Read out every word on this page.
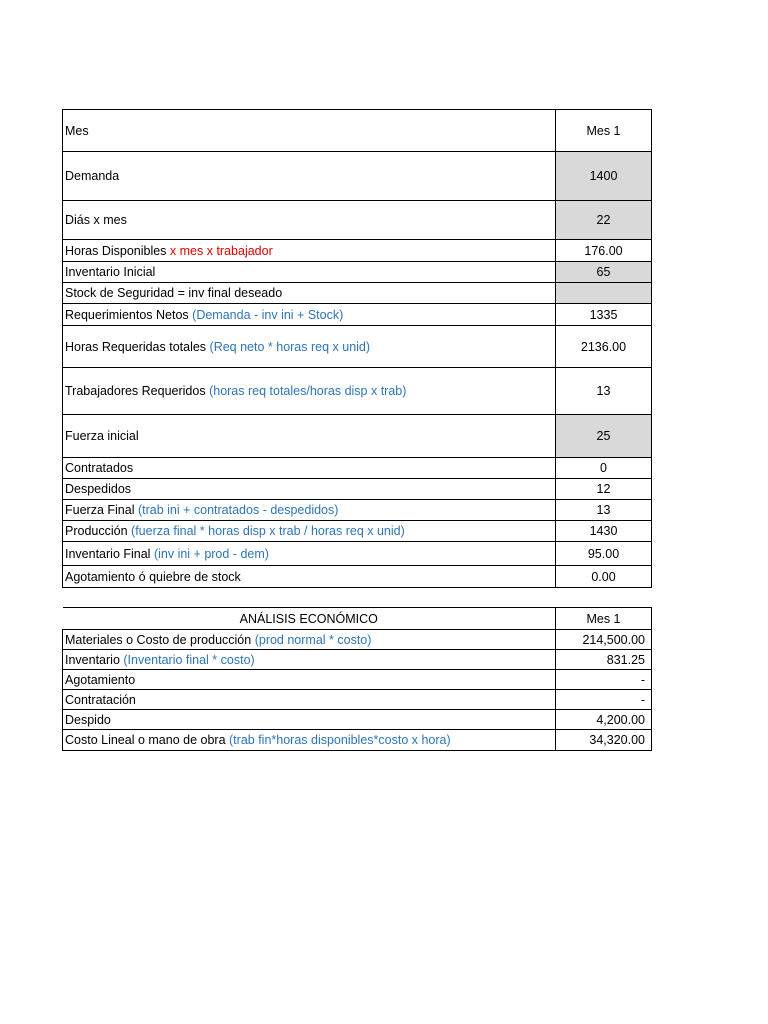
Mes	Mes 1
Demanda	1400
Diás x mes	22
Horas Disponibles x mes x trabajador	176.00
Inventario Inicial	65
Stock de Seguridad = inv final deseado	
Requerimientos Netos (Demanda - inv ini + Stock)	1335
Horas Requeridas totales (Req neto * horas req x unid)	2136.00
Trabajadores Requeridos (horas req totales/horas disp x trab)	13
Fuerza inicial	25
Contratados	0
Despedidos	12
Fuerza Final (trab ini + contratados - despedidos)	13
Producción (fuerza final * horas disp x trab / horas req x unid)	1430
Inventario Final (inv ini + prod - dem)	95.00
Agotamiento ó quiebre de stock	0.00
ANÁLISIS ECONÓMICO	Mes 1
Materiales o Costo de producción (prod normal * costo)	214,500.00
Inventario (Inventario final * costo)	831.25
Agotamiento	-
Contratación	-
Despido	4,200.00
Costo Lineal o mano de obra (trab fin*horas disponibles*costo x hora)	34,320.00
